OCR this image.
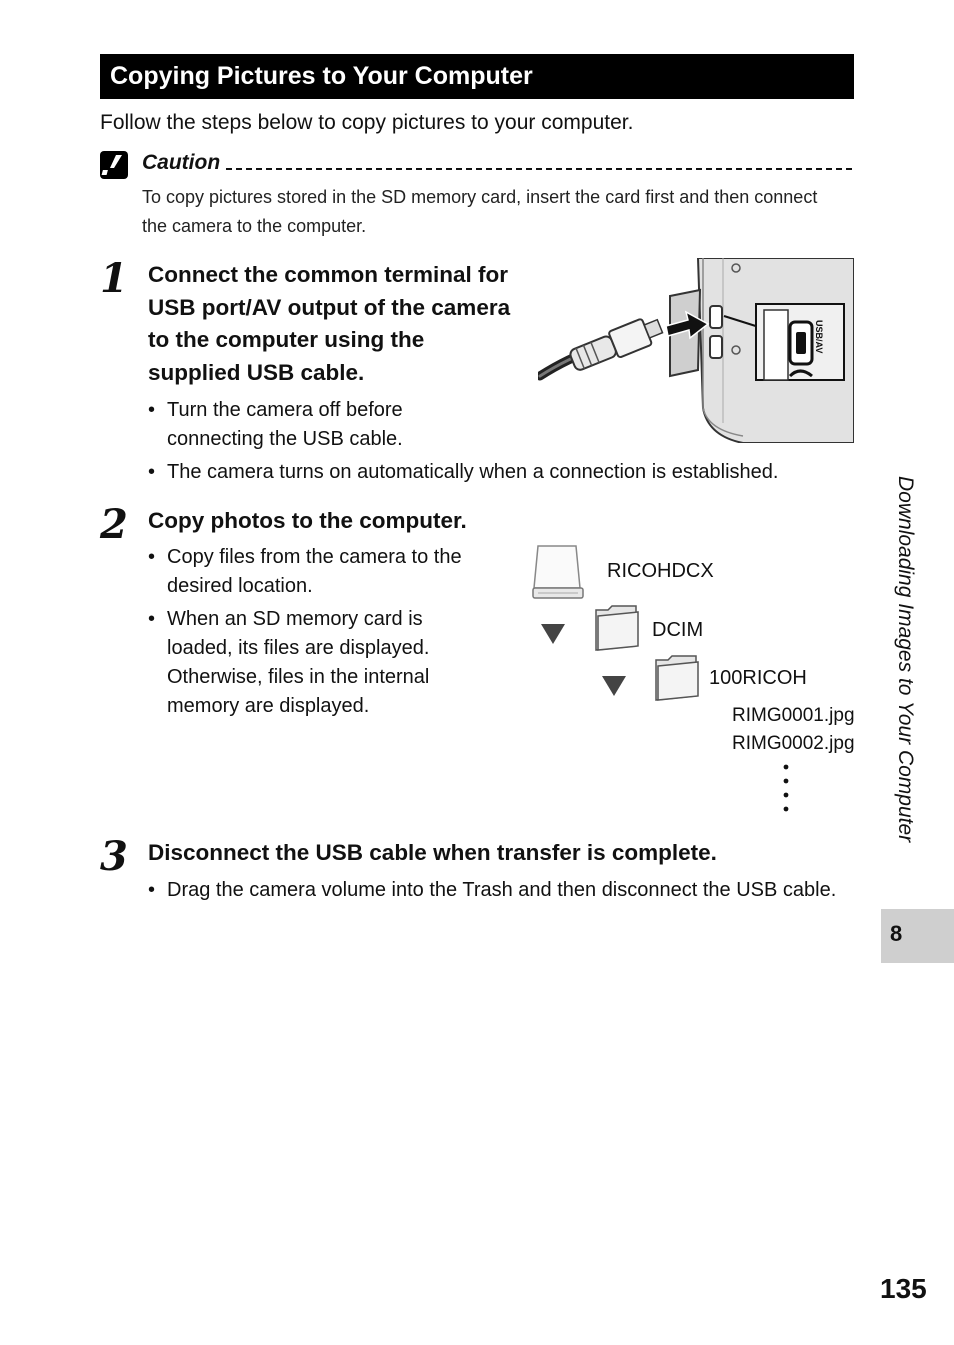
Copying Pictures to Your Computer
Follow the steps below to copy pictures to your computer.
Caution
To copy pictures stored in the SD memory card, insert the card first and then connect the camera to the computer.
1 Connect the common terminal for USB port/AV output of the camera to the computer using the supplied USB cable.
• Turn the camera off before connecting the USB cable.
• The camera turns on automatically when a connection is established.
USB/AV
2 Copy photos to the computer.
• Copy files from the camera to the desired location.
• When an SD memory card is loaded, its files are displayed. Otherwise, files in the internal memory are displayed.
RICOHDCX
DCIM
100RICOH
RIMG0001.jpg
RIMG0002.jpg
3 Disconnect the USB cable when transfer is complete.
• Drag the camera volume into the Trash and then disconnect the USB cable.
Downloading Images to Your Computer
8
135
